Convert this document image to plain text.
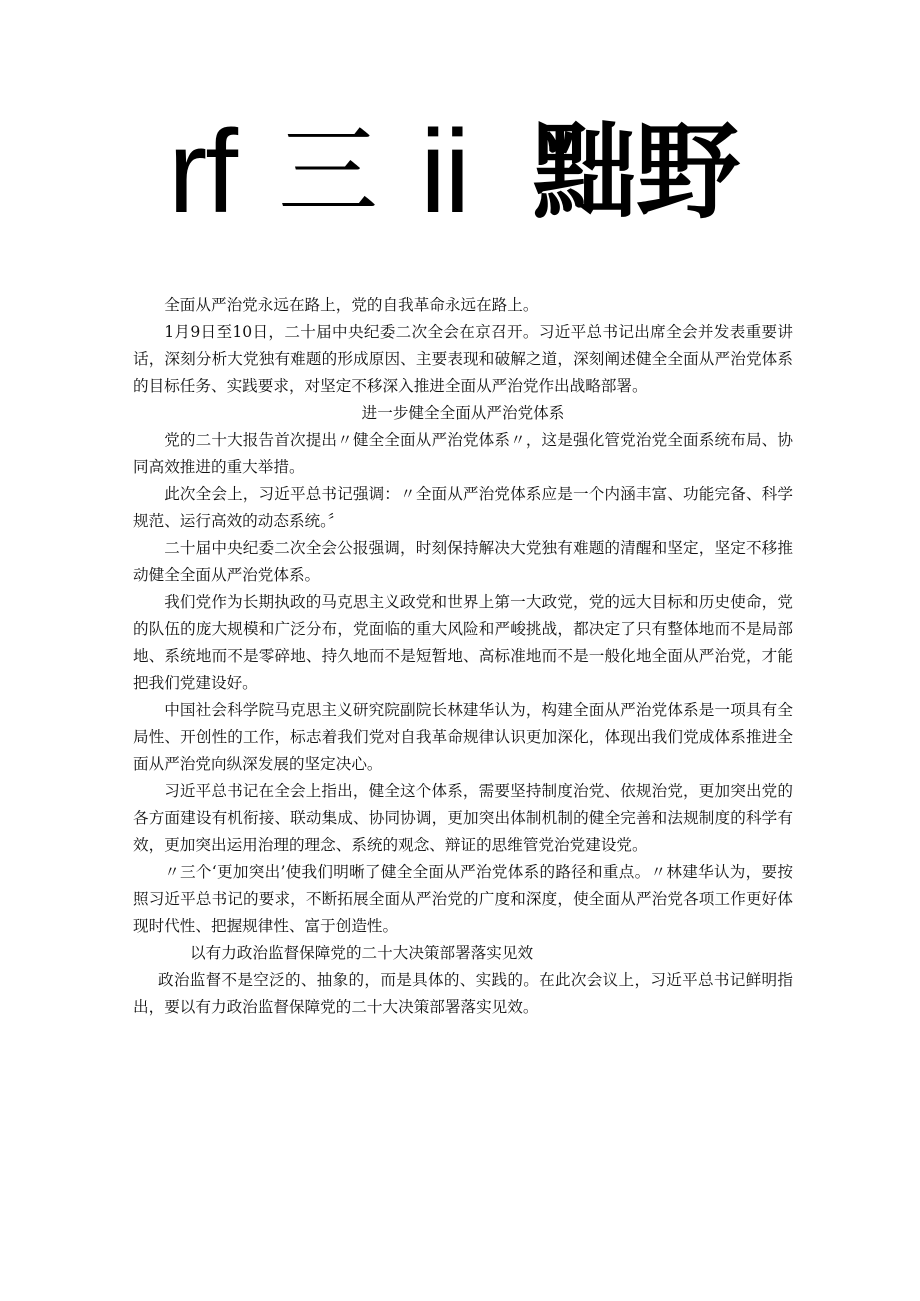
rf 三 ii 黜野

全面从严治党永远在路上，党的自我革命永远在路上。

1月9日至10日，二十届中央纪委二次全会在京召开。习近平总书记出席全会并发表重要讲话，深刻分析大党独有难题的形成原因、主要表现和破解之道，深刻阐述健全全面从严治党体系的目标任务、实践要求，对坚定不移深入推进全面从严治党作出战略部署。

进一步健全全面从严治党体系

党的二十大报告首次提出〃健全全面从严治党体系〃，这是强化管党治党全面系统布局、协同高效推进的重大举措。

此次全会上，习近平总书记强调：〃全面从严治党体系应是一个内涵丰富、功能完备、科学规范、运行高效的动态系统。〞

二十届中央纪委二次全会公报强调，时刻保持解决大党独有难题的清醒和坚定，坚定不移推动健全全面从严治党体系。

我们党作为长期执政的马克思主义政党和世界上第一大政党，党的远大目标和历史使命，党的队伍的庞大规模和广泛分布，党面临的重大风险和严峻挑战，都决定了只有整体地而不是局部地、系统地而不是零碎地、持久地而不是短暂地、高标准地而不是一般化地全面从严治党，才能把我们党建设好。

中国社会科学院马克思主义研究院副院长林建华认为，构建全面从严治党体系是一项具有全局性、开创性的工作，标志着我们党对自我革命规律认识更加深化，体现出我们党成体系推进全面从严治党向纵深发展的坚定决心。

习近平总书记在全会上指出，健全这个体系，需要坚持制度治党、依规治党，更加突出党的各方面建设有机衔接、联动集成、协同协调，更加突出体制机制的健全完善和法规制度的科学有效，更加突出运用治理的理念、系统的观念、辩证的思维管党治党建设党。

〃三个‘更加突出’使我们明晰了健全全面从严治党体系的路径和重点。〃林建华认为，要按照习近平总书记的要求，不断拓展全面从严治党的广度和深度，使全面从严治党各项工作更好体现时代性、把握规律性、富于创造性。

以有力政治监督保障党的二十大决策部署落实见效

政治监督不是空泛的、抽象的，而是具体的、实践的。在此次会议上，习近平总书记鲜明指出，要以有力政治监督保障党的二十大决策部署落实见效。
